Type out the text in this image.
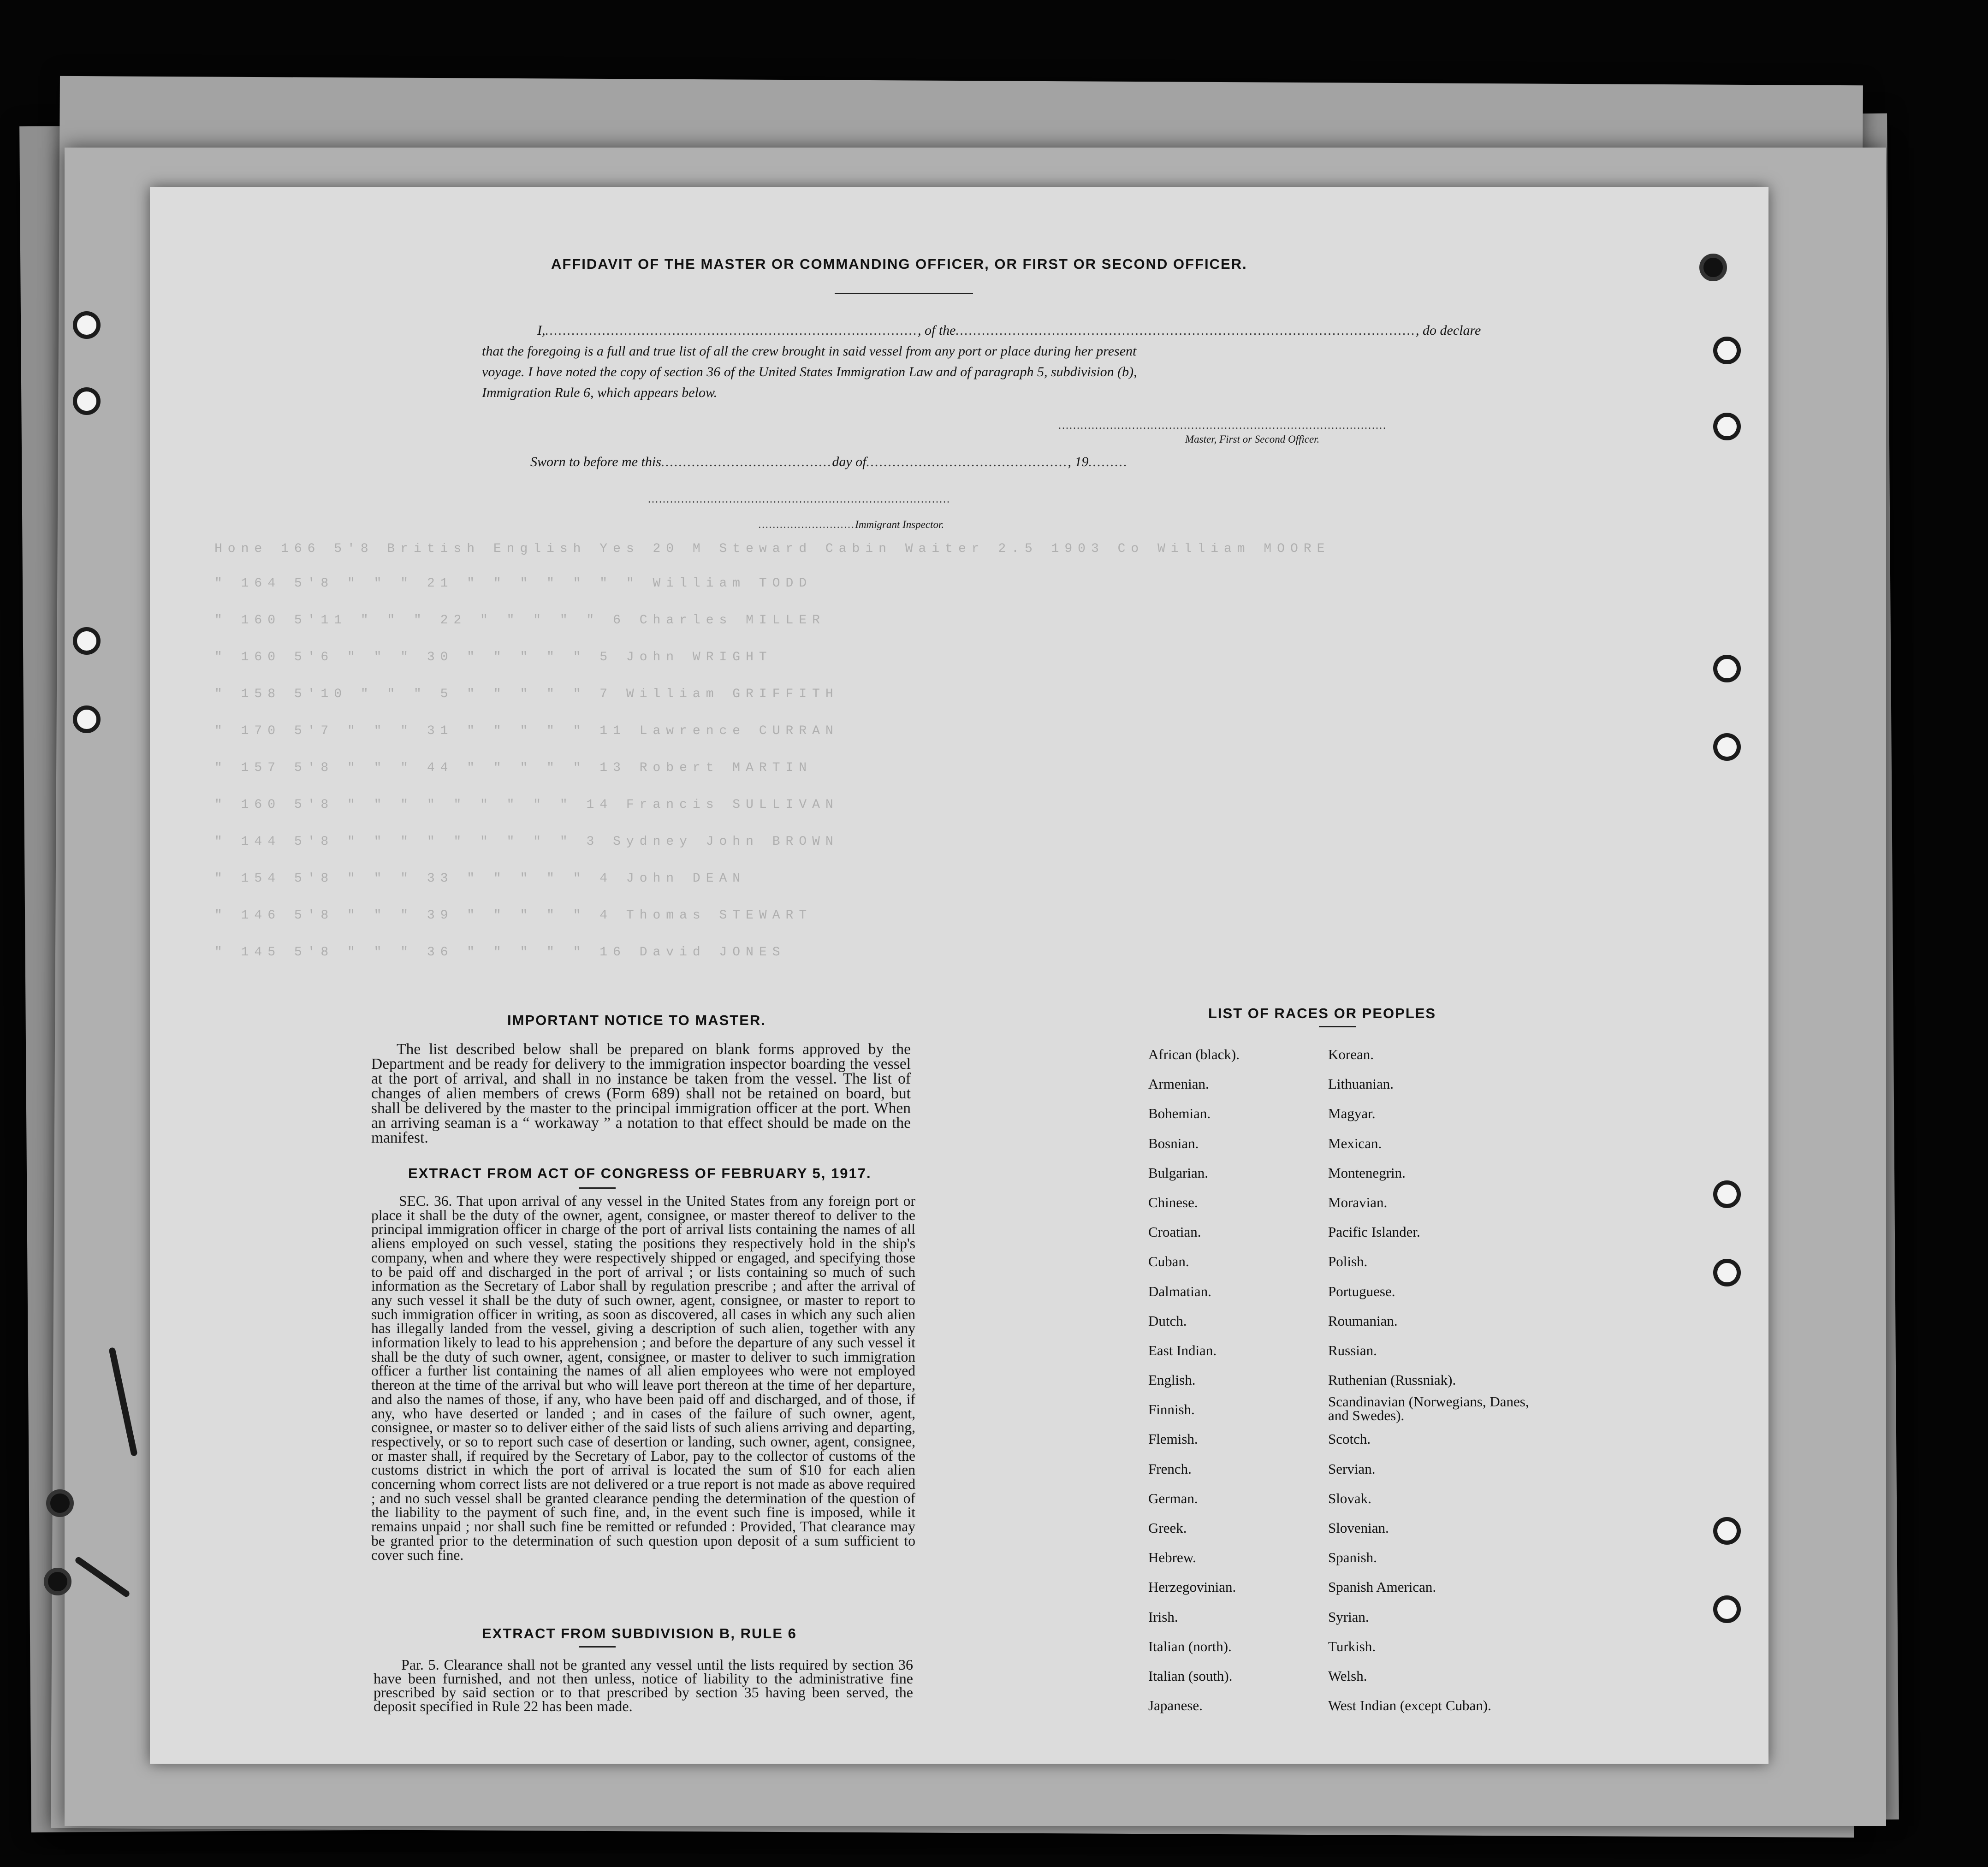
Hone 166 5'8 British English Yes 20 M Steward Cabin Waiter 2.5 1903 Co William MOORE
" 164 5'8 " " " 21 " " " " " " " William TODD
" 160 5'11 " " " 22 " " " " " 6 Charles MILLER
" 160 5'6 " " " 30 " " " " " 5 John WRIGHT
" 158 5'10 " " " 5 " " " " " 7 William GRIFFITH
" 170 5'7 " " " 31 " " " " " 11 Lawrence CURRAN
" 157 5'8 " " " 44 " " " " " 13 Robert MARTIN
" 160 5'8 " " " " " " " " " 14 Francis SULLIVAN
" 144 5'8 " " " " " " " " " 3 Sydney John BROWN
" 154 5'8 " " " 33 " " " " " 4 John DEAN
" 146 5'8 " " " 39 " " " " " 4 Thomas STEWART
" 145 5'8 " " " 36 " " " " " 16 David JONES
AFFIDAVIT OF THE MASTER OR COMMANDING OFFICER, OR FIRST OR SECOND OFFICER.
I,....................................................................................., of the........................................................................................................., do declare
that the foregoing is a full and true list of all the crew brought in said vessel from any port or place during her present
voyage. I have noted the copy of section 36 of the United States Immigration Law and of paragraph 5, subdivision (b),
Immigration Rule 6, which appears below.
.........................................................................................
Master, First or Second Officer.
Sworn to before me this.......................................day of.............................................., 19.........
..................................................................................
...........................Immigrant Inspector.
IMPORTANT NOTICE TO MASTER.
The list described below shall be prepared on blank forms approved by the Department and be ready for delivery to the immigration inspector boarding the vessel at the port of arrival, and shall in no instance be taken from the vessel. The list of changes of alien members of crews (Form 689) shall not be retained on board, but shall be delivered by the master to the principal immigration officer at the port. When an arriving seaman is a “ workaway ” a notation to that effect should be made on the manifest.
EXTRACT FROM ACT OF CONGRESS OF FEBRUARY 5, 1917.
SEC. 36. That upon arrival of any vessel in the United States from any foreign port or place it shall be the duty of the owner, agent, consignee, or master thereof to deliver to the principal immigration officer in charge of the port of arrival lists containing the names of all aliens employed on such vessel, stating the positions they respectively hold in the ship's company, when and where they were respectively shipped or engaged, and specifying those to be paid off and discharged in the port of arrival ; or lists containing so much of such information as the Secretary of Labor shall by regulation prescribe ; and after the arrival of any such vessel it shall be the duty of such owner, agent, consignee, or master to report to such immigration officer in writing, as soon as discovered, all cases in which any such alien has illegally landed from the vessel, giving a description of such alien, together with any information likely to lead to his apprehension ; and before the departure of any such vessel it shall be the duty of such owner, agent, consignee, or master to deliver to such immigration officer a further list containing the names of all alien employees who were not employed thereon at the time of the arrival but who will leave port thereon at the time of her departure, and also the names of those, if any, who have been paid off and discharged, and of those, if any, who have deserted or landed ; and in cases of the failure of such owner, agent, consignee, or master so to deliver either of the said lists of such aliens arriving and departing, respectively, or so to report such case of desertion or landing, such owner, agent, consignee, or master shall, if required by the Secretary of Labor, pay to the collector of customs of the customs district in which the port of arrival is located the sum of $10 for each alien concerning whom correct lists are not delivered or a true report is not made as above required ; and no such vessel shall be granted clearance pending the determination of the question of the liability to the payment of such fine, and, in the event such fine is imposed, while it remains unpaid ; nor shall such fine be remitted or refunded : Provided, That clearance may be granted prior to the determination of such question upon deposit of a sum sufficient to cover such fine.
EXTRACT FROM SUBDIVISION B, RULE 6
Par. 5. Clearance shall not be granted any vessel until the lists required by section 36 have been furnished, and not then unless, notice of liability to the administrative fine prescribed by said section or to that prescribed by section 35 having been served, the deposit specified in Rule 22 has been made.
LIST OF RACES OR PEOPLES
African (black).
Armenian.
Bohemian.
Bosnian.
Bulgarian.
Chinese.
Croatian.
Cuban.
Dalmatian.
Dutch.
East Indian.
English.
Finnish.
Flemish.
French.
German.
Greek.
Hebrew.
Herzegovinian.
Irish.
Italian (north).
Italian (south).
Japanese.
Korean.
Lithuanian.
Magyar.
Mexican.
Montenegrin.
Moravian.
Pacific Islander.
Polish.
Portuguese.
Roumanian.
Russian.
Ruthenian (Russniak).
Scandinavian (Norwegians, Danes, and Swedes).
Scotch.
Servian.
Slovak.
Slovenian.
Spanish.
Spanish American.
Syrian.
Turkish.
Welsh.
West Indian (except Cuban).
